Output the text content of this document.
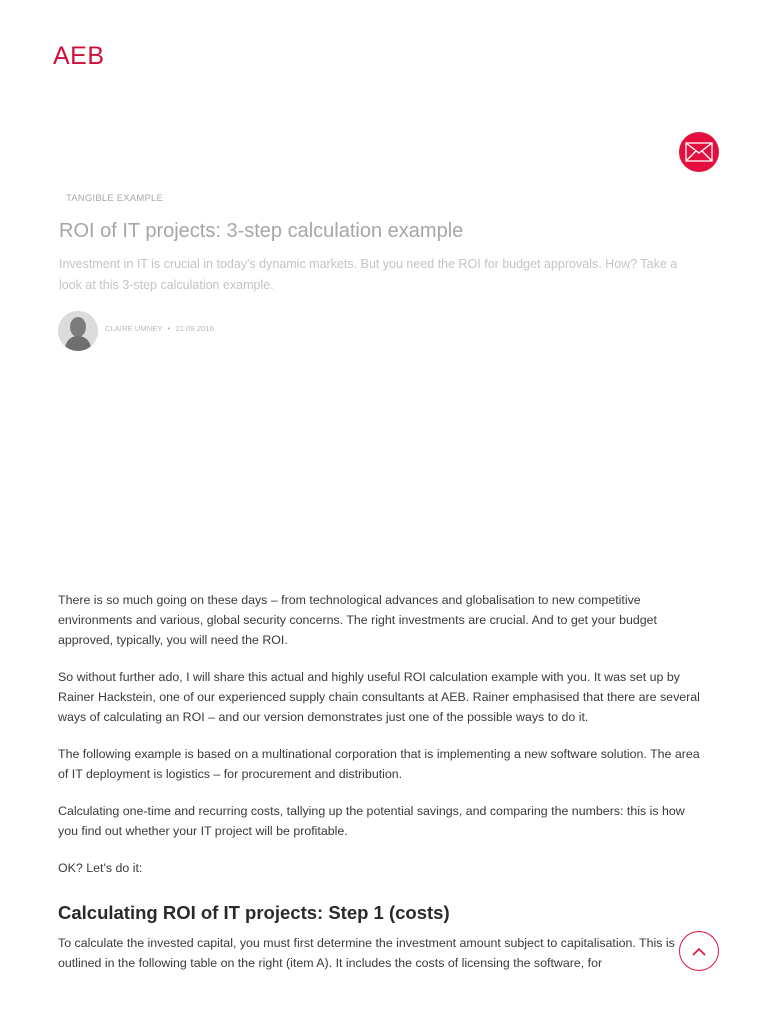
AEB
TANGIBLE EXAMPLE
ROI of IT projects: 3-step calculation example

Investment in IT is crucial in today's dynamic markets. But you need the ROI for budget approvals. How? Take a look at this 3-step calculation example.

CLAIRE UMNEY • 21.09.2016

There is so much going on these days – from technological advances and globalisation to new competitive environments and various, global security concerns. The right investments are crucial. And to get your budget approved, typically, you will need the ROI.

So without further ado, I will share this actual and highly useful ROI calculation example with you. It was set up by Rainer Hackstein, one of our experienced supply chain consultants at AEB. Rainer emphasised that there are several ways of calculating an ROI – and our version demonstrates just one of the possible ways to do it.

The following example is based on a multinational corporation that is implementing a new software solution. The area of IT deployment is logistics – for procurement and distribution.

Calculating one-time and recurring costs, tallying up the potential savings, and comparing the numbers: this is how you find out whether your IT project will be profitable.

OK? Let's do it:

Calculating ROI of IT projects: Step 1 (costs)

To calculate the invested capital, you must first determine the investment amount subject to capitalisation. This is outlined in the following table on the right (item A). It includes the costs of licensing the software, for
